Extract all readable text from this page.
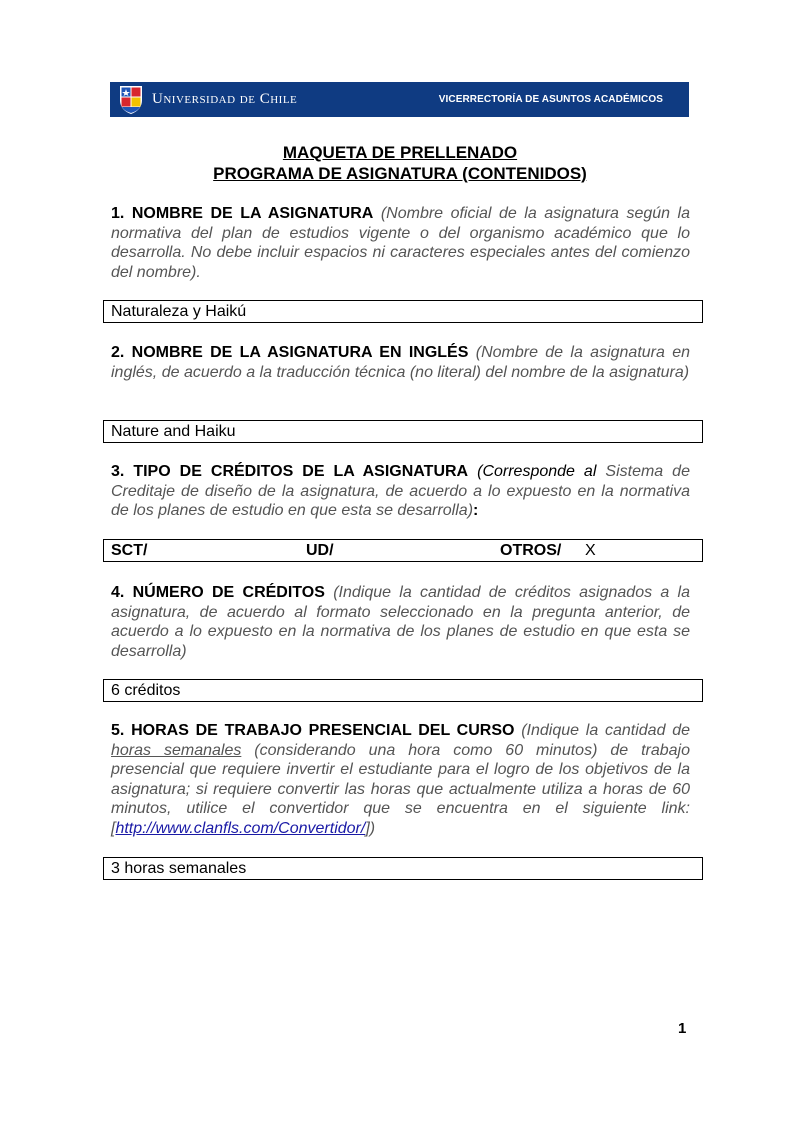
Universidad de Chile	VICERRECTORÍA DE ASUNTOS ACADÉMICOS
MAQUETA DE PRELLENADO
PROGRAMA DE ASIGNATURA (CONTENIDOS)
1. NOMBRE DE LA ASIGNATURA (Nombre oficial de la asignatura según la normativa del plan de estudios vigente o del organismo académico que lo desarrolla. No debe incluir espacios ni caracteres especiales antes del comienzo del nombre).
Naturaleza y Haikú
2. NOMBRE DE LA ASIGNATURA EN INGLÉS (Nombre de la asignatura en inglés, de acuerdo a la traducción técnica (no literal) del nombre de la asignatura)
Nature and Haiku
3. TIPO DE CRÉDITOS DE LA ASIGNATURA (Corresponde al Sistema de Creditaje de diseño de la asignatura, de acuerdo a lo expuesto en la normativa de los planes de estudio en que esta se desarrolla):
SCT/	UD/	OTROS/ X
4. NÚMERO DE CRÉDITOS (Indique la cantidad de créditos asignados a la asignatura, de acuerdo al formato seleccionado en la pregunta anterior, de acuerdo a lo expuesto en la normativa de los planes de estudio en que esta se desarrolla)
6 créditos
5. HORAS DE TRABAJO PRESENCIAL DEL CURSO (Indique la cantidad de horas semanales (considerando una hora como 60 minutos) de trabajo presencial que requiere invertir el estudiante para el logro de los objetivos de la asignatura; si requiere convertir las horas que actualmente utiliza a horas de 60 minutos, utilice el convertidor que se encuentra en el siguiente link: [http://www.clanfls.com/Convertidor/])
3 horas semanales
1
